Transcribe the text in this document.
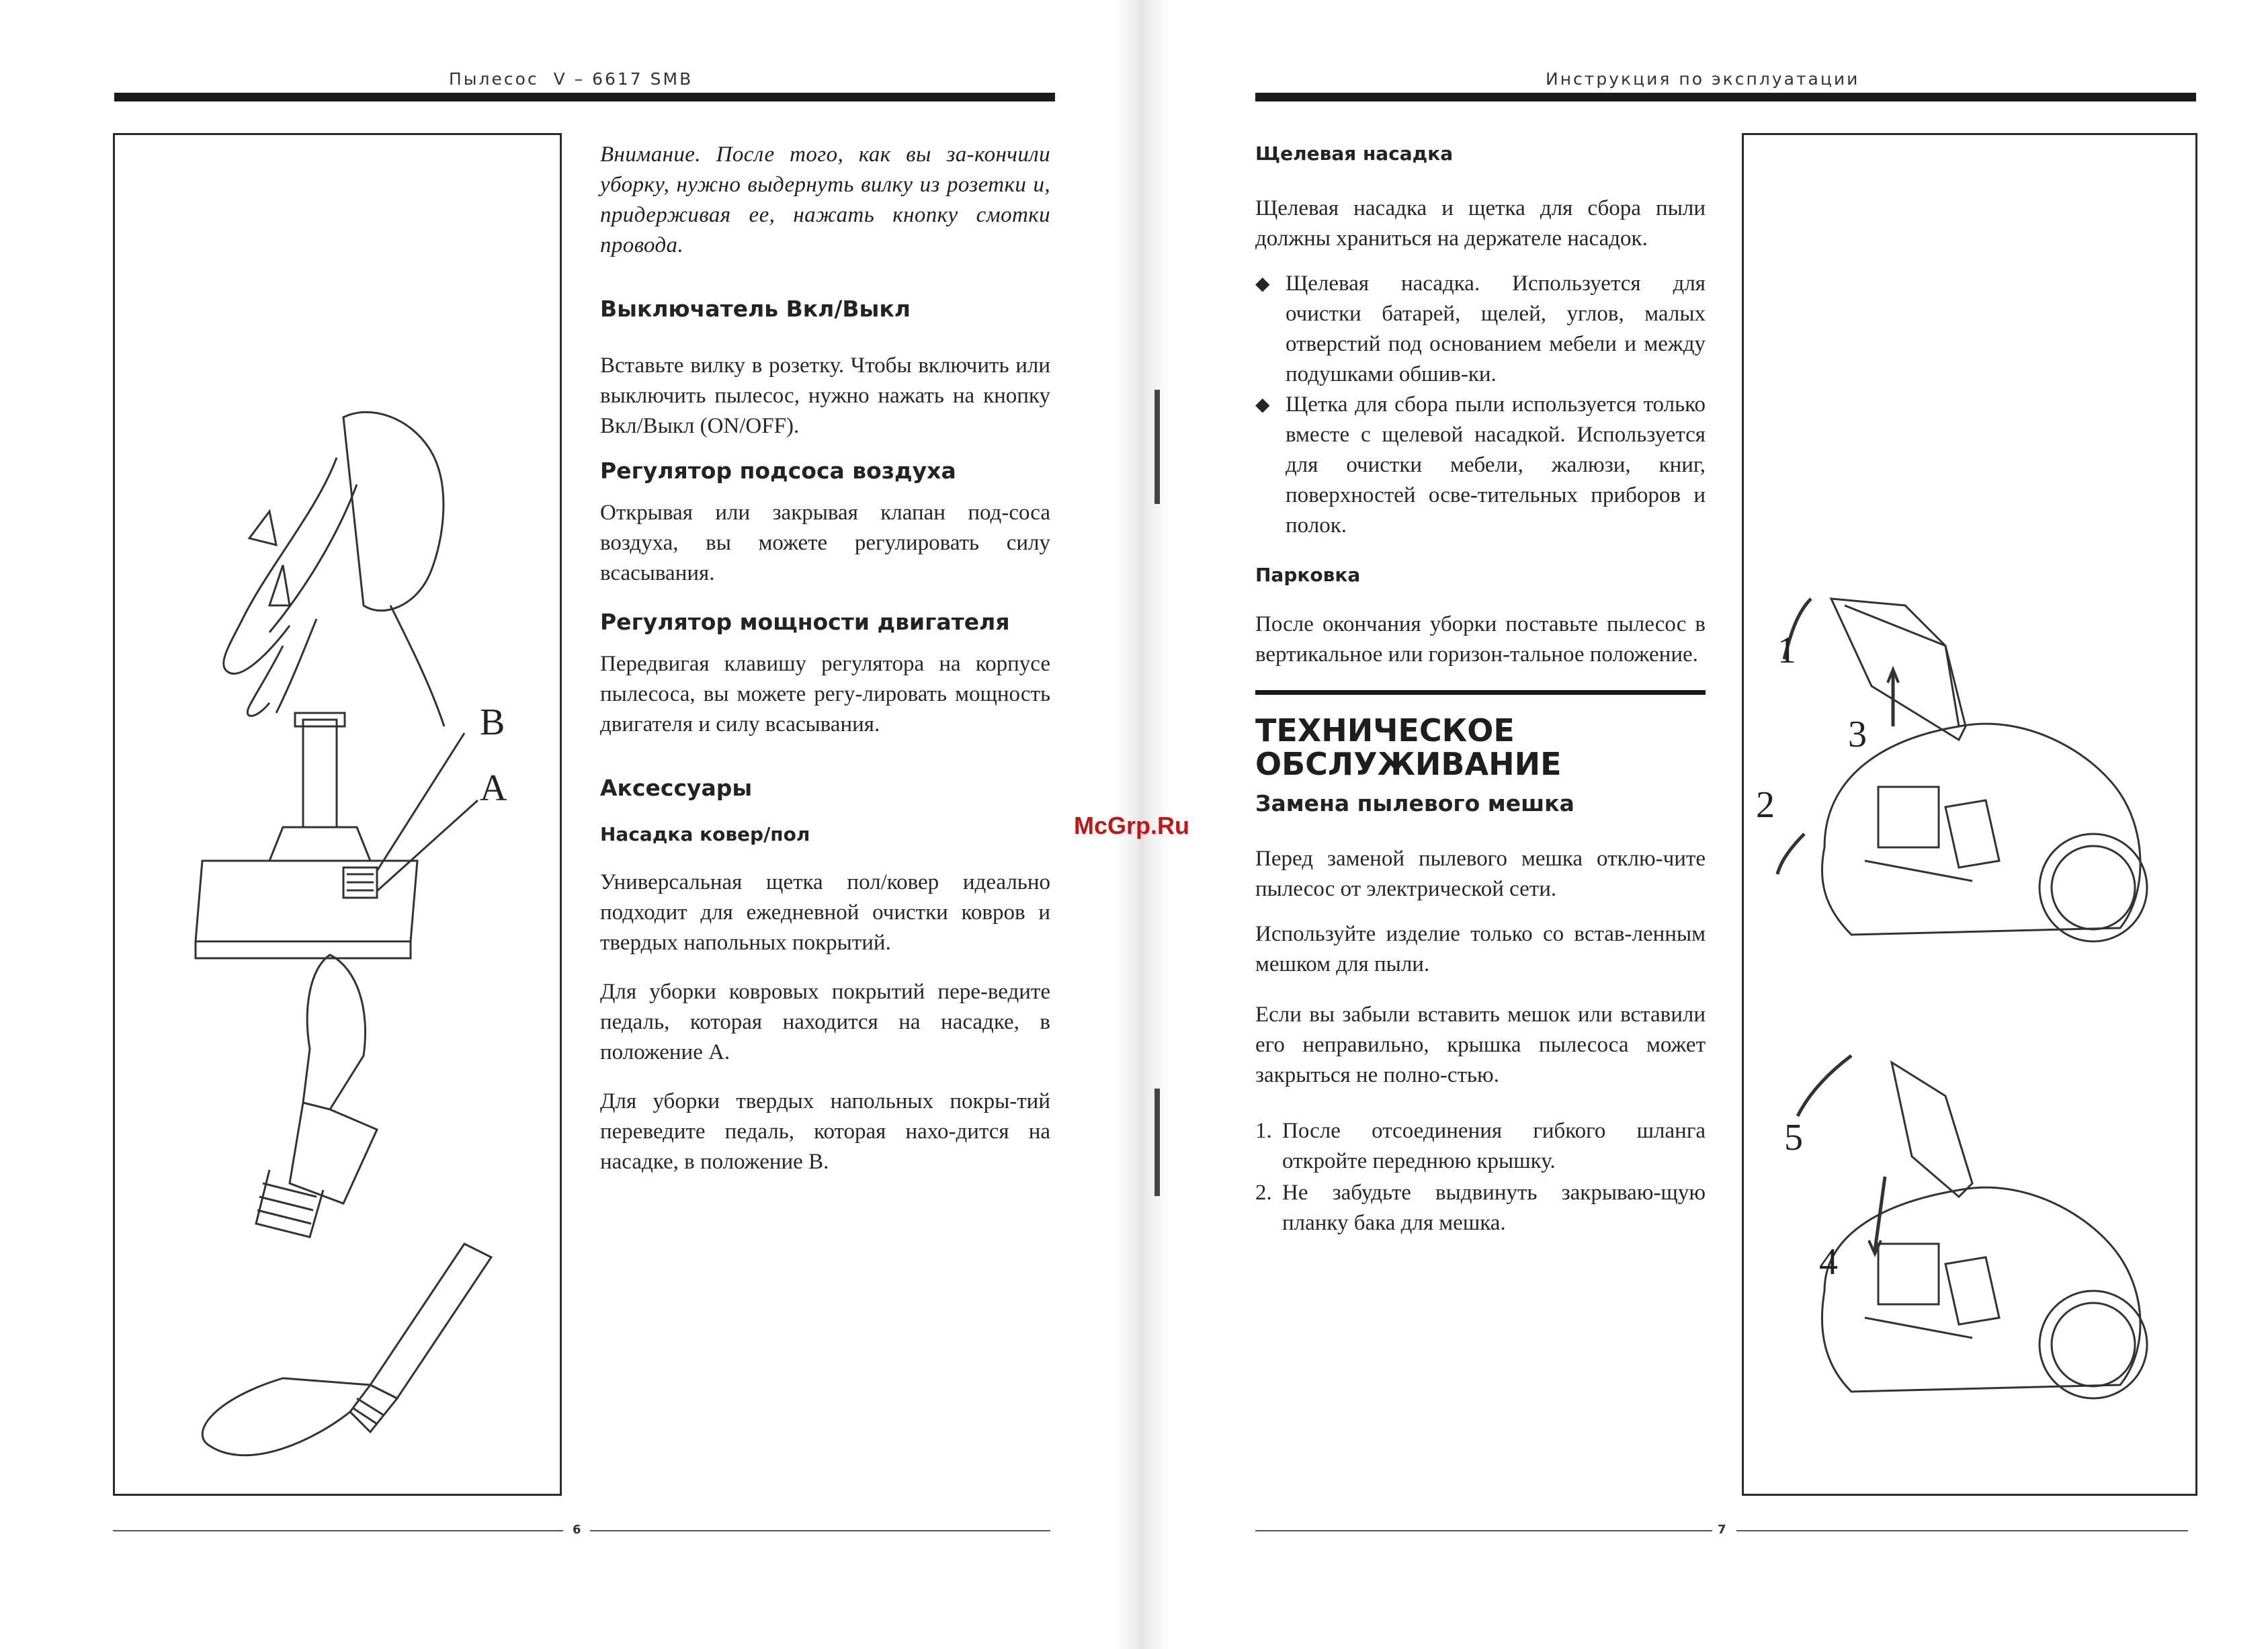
Пылесос  V – 6617 SMB
B
A
Внимание. После того, как вы за-кончили уборку, нужно выдернуть вилку из розетки и, придерживая ее, нажать кнопку смотки провода.
Выключатель Вкл/Выкл
Вставьте вилку в розетку. Чтобы включить или выключить пылесос, нужно нажать на кнопку Вкл/Выкл (ON/OFF).
Регулятор подсоса воздуха
Открывая или закрывая клапан под-соса воздуха, вы можете регулировать силу всасывания.
Регулятор мощности двигателя
Передвигая клавишу регулятора на корпусе пылесоса, вы можете регу-лировать мощность двигателя и силу всасывания.
Аксессуары
Насадка ковер/пол
Универсальная щетка пол/ковер идеально подходит для ежедневной очистки ковров и твердых напольных покрытий.
Для уборки ковровых покрытий пере-ведите педаль, которая находится на насадке, в положение А.
Для уборки твердых напольных покры-тий переведите педаль, которая нахо-дится на насадке, в положение В.
6
McGrp.Ru
Инструкция по эксплуатации
Щелевая насадка
Щелевая насадка и щетка для сбора пыли должны храниться на держателе насадок.
◆ Щелевая насадка. Используется для очистки батарей, щелей, углов, малых отверстий под основанием мебели и между подушками обшив-ки.
◆ Щетка для сбора пыли используется только вместе с щелевой насадкой. Используется для очистки мебели, жалюзи, книг, поверхностей осве-тительных приборов и полок.
Парковка
После окончания уборки поставьте пылесос в вертикальное или горизон-тальное положение.
ТЕХНИЧЕСКОЕ
ОБСЛУЖИВАНИЕ
Замена пылевого мешка
Перед заменой пылевого мешка отклю-чите пылесос от электрической сети.
Используйте изделие только со встав-ленным мешком для пыли.
Если вы забыли вставить мешок или вставили его неправильно, крышка пылесоса может закрыться не полно-стью.
1. После отсоединения гибкого шланга откройте переднюю крышку.
2. Не забудьте выдвинуть закрываю-щую планку бака для мешка.
1
2
3
5
4
7
